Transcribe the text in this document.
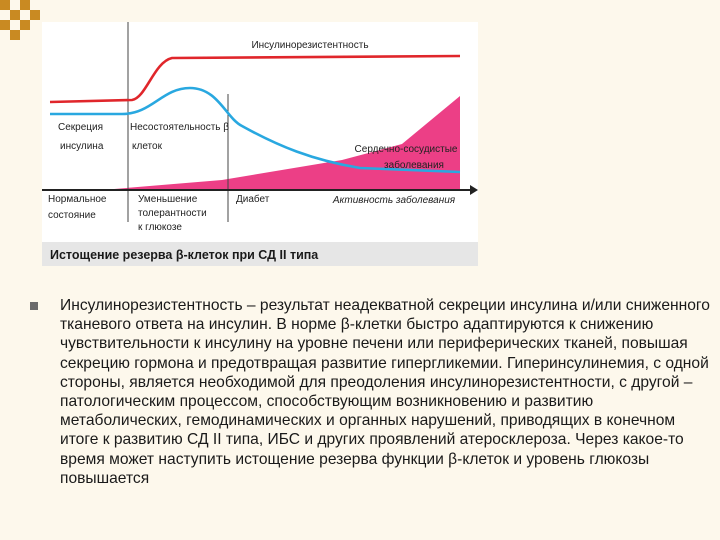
Инсулинорезистентность
Секреция
инсулина
Несостоятельность β
клеток	Сердечно-сосудистые
заболевания
Активность заболевания
Нормальное
состояние
Уменьшение
толерантности
к глюкозе
Диабет
Истощение резерва β-клеток при СД II типа
Инсулинорезистентность – результат неадекватной секреции инсулина и/или сниженного тканевого ответа на инсулин. В норме β-клетки быстро адаптируются к снижению чувствительности к инсулину на уровне печени или периферических тканей, повышая секрецию гормона и предотвращая развитие гипергликемии. Гиперинсулинемия, с одной стороны, является необходимой для преодоления инсулинорезистентности, с другой – патологическим процессом, способствующим возникновению и развитию метаболических, гемодинамических и органных нарушений, приводящих в конечном итоге к развитию СД II типа, ИБС и других проявлений атеросклероза. Через какое-то время может наступить истощение резерва функции β-клеток и уровень глюкозы повышается
